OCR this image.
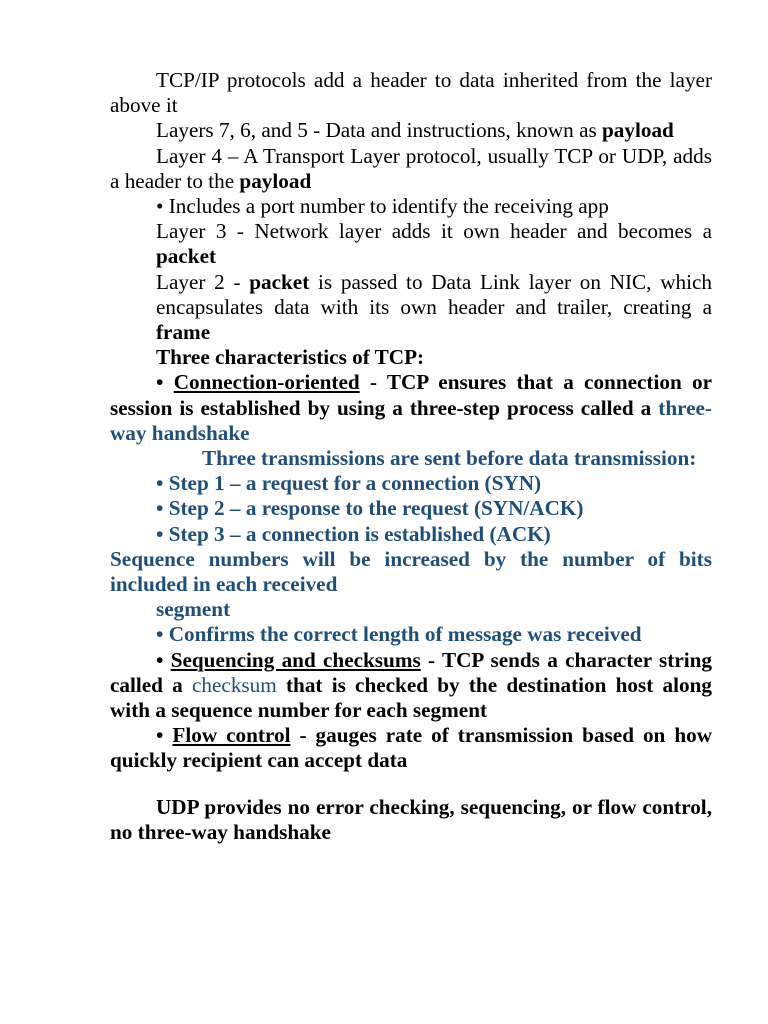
TCP/IP protocols add a header to data inherited from the layer above it

Layers 7, 6, and 5 - Data and instructions, known as payload

Layer 4 – A Transport Layer protocol, usually TCP or UDP, adds a header to the payload

• Includes a port number to identify the receiving app

Layer 3 - Network layer adds it own header and becomes a packet

Layer 2 - packet is passed to Data Link layer on NIC, which encapsulates data with its own header and trailer, creating a frame

Three characteristics of TCP:

• Connection-oriented - TCP ensures that a connection or session is established by using a three-step process called a three-way handshake

Three transmissions are sent before data transmission:

• Step 1 – a request for a connection (SYN)

• Step 2 – a response to the request (SYN/ACK)

• Step 3 – a connection is established (ACK)

Sequence numbers will be increased by the number of bits included in each received

segment

• Confirms the correct length of message was received

• Sequencing and checksums - TCP sends a character string called a checksum that is checked by the destination host along with a sequence number for each segment

• Flow control - gauges rate of transmission based on how quickly recipient can accept data

UDP provides no error checking, sequencing, or flow control, no three-way handshake
